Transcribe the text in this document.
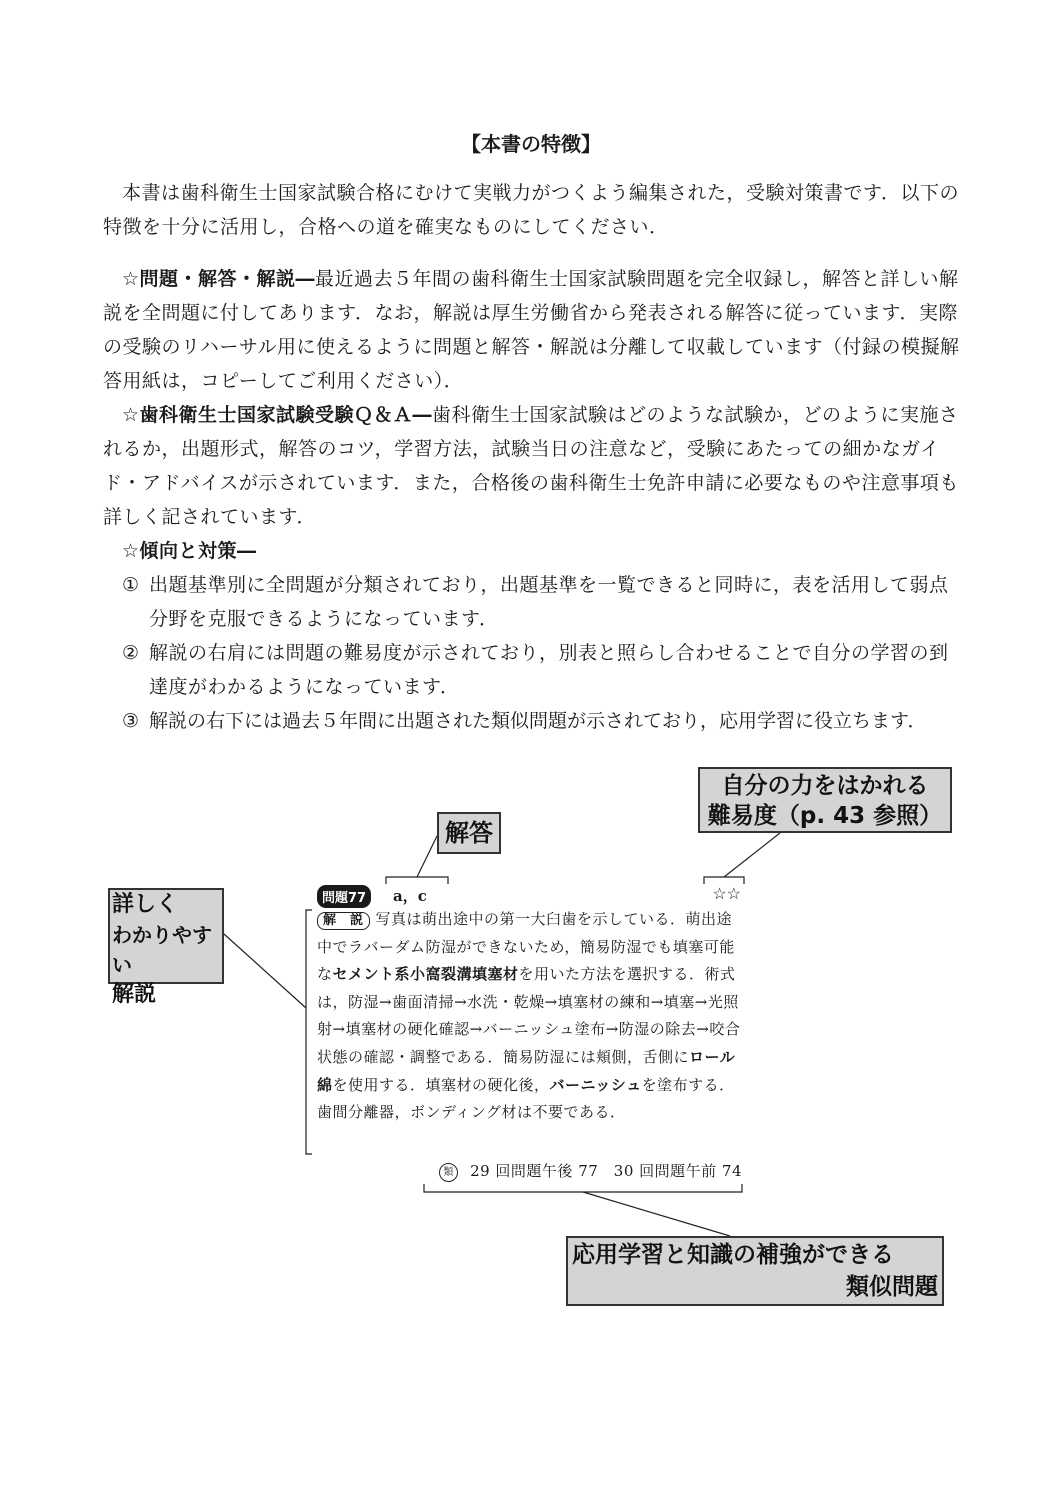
【本書の特徴】

本書は歯科衛生士国家試験合格にむけて実戦力がつくよう編集された，受験対策書です．以下の特徴を十分に活用し，合格への道を確実なものにしてください．

☆問題・解答・解説―最近過去５年間の歯科衛生士国家試験問題を完全収録し，解答と詳しい解説を全問題に付してあります．なお，解説は厚生労働省から発表される解答に従っています．実際の受験のリハーサル用に使えるように問題と解答・解説は分離して収載しています（付録の模擬解答用紙は，コピーしてご利用ください）．

☆歯科衛生士国家試験受験Ｑ＆Ａ―歯科衛生士国家試験はどのような試験か，どのように実施されるか，出題形式，解答のコツ，学習方法，試験当日の注意など，受験にあたっての細かなガイド・アドバイスが示されています．また，合格後の歯科衛生士免許申請に必要なものや注意事項も詳しく記されています．

☆傾向と対策―

① 出題基準別に全問題が分類されており，出題基準を一覧できると同時に，表を活用して弱点分野を克服できるようになっています．

② 解説の右肩には問題の難易度が示されており，別表と照らし合わせることで自分の学習の到達度がわかるようになっています．

③ 解説の右下には過去５年間に出題された類似問題が示されており，応用学習に役立ちます．

解答
自分の力をはかれる
難易度（p. 43 参照）
詳しく
わかりやすい
解説
応用学習と知識の補強ができる
類似問題
問題77	a，c	☆☆

解　説 写真は萌出途中の第一大臼歯を示している．萌出途中でラバーダム防湿ができないため，簡易防湿でも填塞可能なセメント系小窩裂溝填塞材を用いた方法を選択する．術式は，防湿→歯面清掃→水洗・乾燥→填塞材の練和→填塞→光照射→填塞材の硬化確認→バーニッシュ塗布→防湿の除去→咬合状態の確認・調整である．簡易防湿には頬側，舌側にロール綿を使用する．填塞材の硬化後，バーニッシュを塗布する．歯間分離器，ボンディング材は不要である．

類 29 回問題午後 77　30 回問題午前 74
